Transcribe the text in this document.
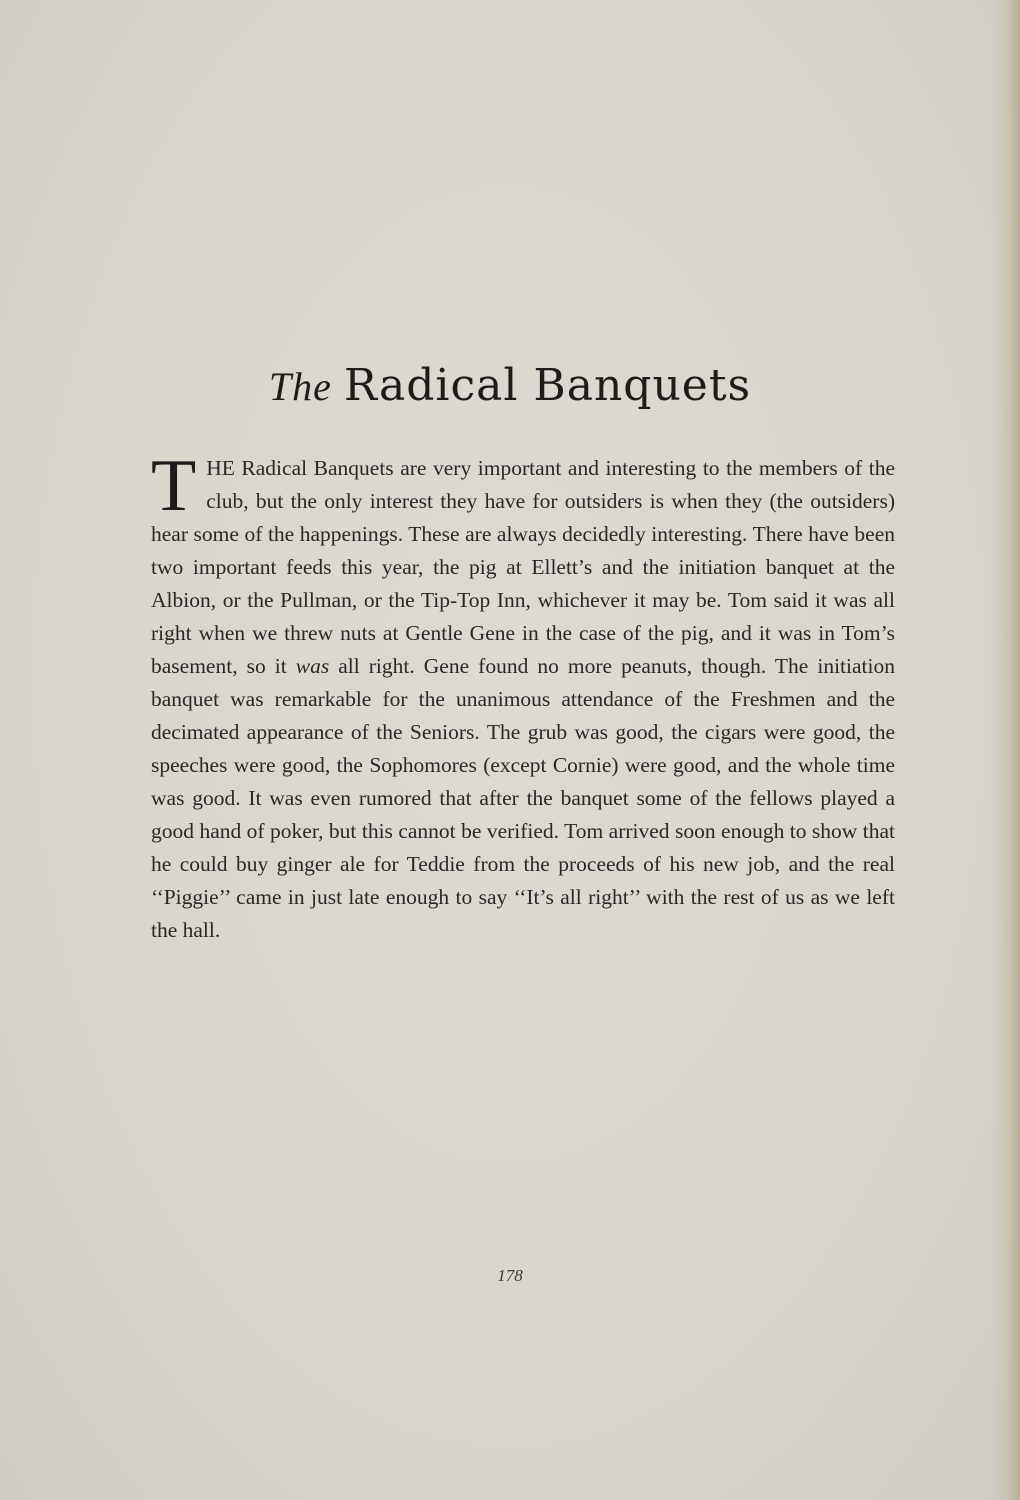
The Radical Banquets
THE Radical Banquets are very important and interesting to the members of the club, but the only interest they have for outsiders is when they (the outsiders) hear some of the happenings. These are always decidedly interesting. There have been two important feeds this year, the pig at Ellett’s and the initiation banquet at the Albion, or the Pullman, or the Tip-Top Inn, whichever it may be. Tom said it was all right when we threw nuts at Gentle Gene in the case of the pig, and it was in Tom’s basement, so it was all right. Gene found no more peanuts, though. The initiation banquet was remarkable for the unanimous attendance of the Freshmen and the decimated appearance of the Seniors. The grub was good, the cigars were good, the speeches were good, the Sophomores (except Cornie) were good, and the whole time was good. It was even rumored that after the banquet some of the fellows played a good hand of poker, but this cannot be verified. Tom arrived soon enough to show that he could buy ginger ale for Teddie from the proceeds of his new job, and the real ‘‘Piggie’’ came in just late enough to say ‘‘It’s all right’’ with the rest of us as we left the hall.
178
